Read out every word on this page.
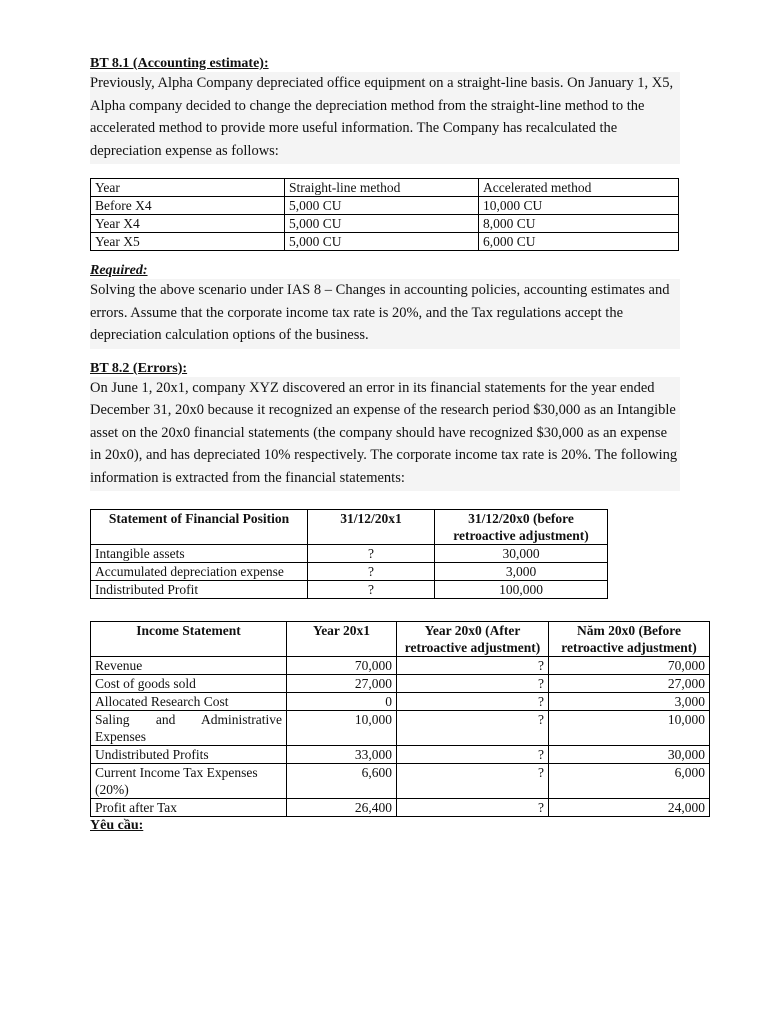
BT 8.1 (Accounting estimate):

Previously, Alpha Company depreciated office equipment on a straight-line basis. On January 1, X5, Alpha company decided to change the depreciation method from the straight-line method to the accelerated method to provide more useful information. The Company has recalculated the depreciation expense as follows:

Year	Straight-line method	Accelerated method
Before X4	5,000 CU	10,000 CU
Year X4	5,000 CU	8,000 CU
Year X5	5,000 CU	6,000 CU

Required:

Solving the above scenario under IAS 8 – Changes in accounting policies, accounting estimates and errors. Assume that the corporate income tax rate is 20%, and the Tax regulations accept the depreciation calculation options of the business.

BT 8.2 (Errors):

On June 1, 20x1, company XYZ discovered an error in its financial statements for the year ended December 31, 20x0 because it recognized an expense of the research period $30,000 as an Intangible asset on the 20x0 financial statements (the company should have recognized $30,000 as an expense in 20x0), and has depreciated 10% respectively. The corporate income tax rate is 20%. The following information is extracted from the financial statements:

Statement of Financial Position	31/12/20x1	31/12/20x0 (before retroactive adjustment)
Intangible assets	?	30,000
Accumulated depreciation expense	?	3,000
Indistributed Profit	?	100,000
Income Statement	Year 20x1	Year 20x0 (After retroactive adjustment)	Năm 20x0 (Before retroactive adjustment)
Revenue	70,000	?	70,000
Cost of goods sold	27,000	?	27,000
Allocated Research Cost	0	?	3,000
Saling and Administrative Expenses	10,000	?	10,000
Undistributed Profits	33,000	?	30,000
Current Income Tax Expenses (20%)	6,600	?	6,000
Profit after Tax	26,400	?	24,000

Yêu cầu:
